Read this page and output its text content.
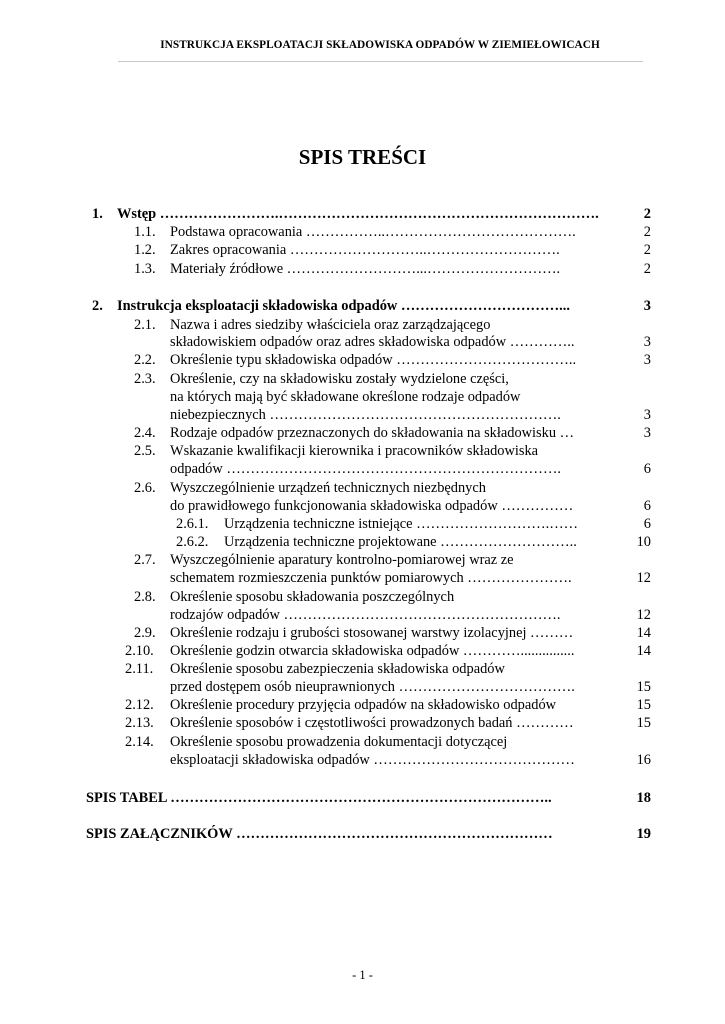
INSTRUKCJA EKSPLOATACJI SKŁADOWISKA ODPADÓW W ZIEMIEŁOWICACH
SPIS TREŚCI
1. Wstęp …………………….………………………………………………………….	2
1.1. Podstawa opracowania ……………..………………………………….	2
1.2. Zakres opracowania ………………………..……………………….	2
1.3. Materiały źródłowe ………………………...……………………….	2
2. Instrukcja eksploatacji składowiska odpadów ……………………………...	3
2.1. Nazwa i adres siedziby właściciela oraz zarządzającego
składowiskiem odpadów oraz adres składowiska odpadów …………..	3
2.2. Określenie typu składowiska odpadów ………………………………..	3
2.3. Określenie, czy na składowisku zostały wydzielone części,
na których mają być składowane określone rodzaje odpadów
niebezpiecznych …………………………………………………….	3
2.4. Rodzaje odpadów przeznaczonych do składowania na składowisku …	3
2.5. Wskazanie kwalifikacji kierownika i pracowników składowiska
odpadów …………………………………………………………….	6
2.6. Wyszczególnienie urządzeń technicznych niezbędnych
do prawidłowego funkcjonowania składowiska odpadów ……………	6
2.6.1. Urządzenia techniczne istniejące ……………………….……	6
2.6.2. Urządzenia techniczne projektowane ………………………..	10
2.7. Wyszczególnienie aparatury kontrolno-pomiarowej wraz ze
schematem rozmieszczenia punktów pomiarowych ………………….	12
2.8. Określenie sposobu składowania poszczególnych
rodzajów odpadów ………………………………………………….	12
2.9. Określenie rodzaju i grubości stosowanej warstwy izolacyjnej ………	14
2.10. Określenie godzin otwarcia składowiska odpadów …………...............	14
2.11. Określenie sposobu zabezpieczenia składowiska odpadów
przed dostępem osób nieuprawnionych ……………………………….	15
2.12. Określenie procedury przyjęcia odpadów na składowisko odpadów	15
2.13. Określenie sposobów i częstotliwości prowadzonych badań …………	15
2.14. Określenie sposobu prowadzenia dokumentacji dotyczącej
eksploatacji składowiska odpadów ……………………………………	16
SPIS TABEL ……………………………………………………………………..	18
SPIS ZAŁĄCZNIKÓW …………………………………………………………	19
- 1 -
